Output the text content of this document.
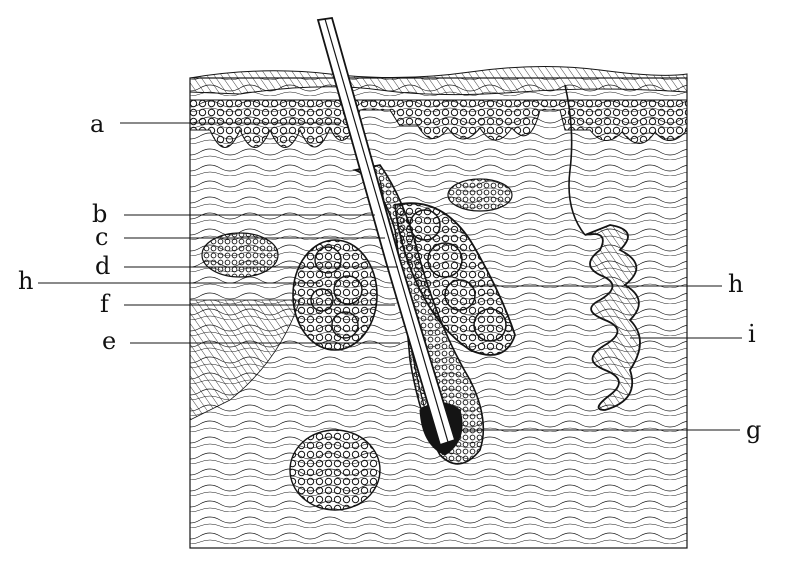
a
b
c
d
h
f
e
h
i
g
